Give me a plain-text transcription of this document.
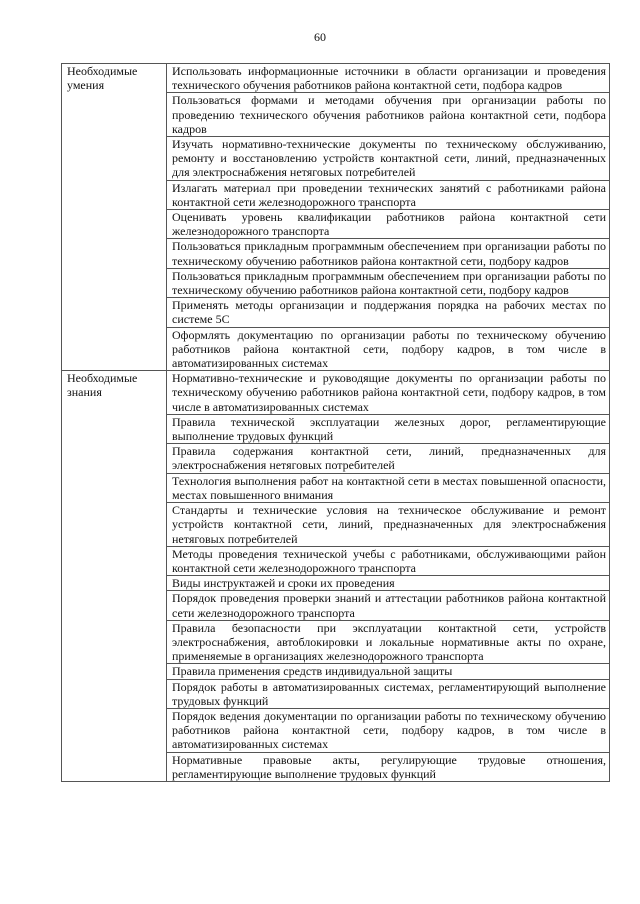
60
Необходимые умения	Использовать информационные источники в области организации и проведения технического обучения работников района контактной сети, подбора кадров
	Пользоваться формами и методами обучения при организации работы по проведению технического обучения работников района контактной сети, подбора кадров
	Изучать нормативно-технические документы по техническому обслуживанию, ремонту и восстановлению устройств контактной сети, линий, предназначенных для электроснабжения нетяговых потребителей
	Излагать материал при проведении технических занятий с работниками района контактной сети железнодорожного транспорта
	Оценивать уровень квалификации работников района контактной сети железнодорожного транспорта
	Пользоваться прикладным программным обеспечением при организации работы по техническому обучению работников района контактной сети, подбору кадров
	Пользоваться прикладным программным обеспечением при организации работы по техническому обучению работников района контактной сети, подбору кадров
	Применять методы организации и поддержания порядка на рабочих местах по системе 5С
	Оформлять документацию по организации работы по техническому обучению работников района контактной сети, подбору кадров, в том числе в автоматизированных системах
Необходимые знания	Нормативно-технические и руководящие документы по организации работы по техническому обучению работников района контактной сети, подбору кадров, в том числе в автоматизированных системах
	Правила технической эксплуатации железных дорог, регламентирующие выполнение трудовых функций
	Правила содержания контактной сети, линий, предназначенных для электроснабжения нетяговых потребителей
	Технология выполнения работ на контактной сети в местах повышенной опасности, местах повышенного внимания
	Стандарты и технические условия на техническое обслуживание и ремонт устройств контактной сети, линий, предназначенных для электроснабжения нетяговых потребителей
	Методы проведения технической учебы с работниками, обслуживающими район контактной сети железнодорожного транспорта
	Виды инструктажей и сроки их проведения
	Порядок проведения проверки знаний и аттестации работников района контактной сети железнодорожного транспорта
	Правила безопасности при эксплуатации контактной сети, устройств электроснабжения, автоблокировки и локальные нормативные акты по охране, применяемые в организациях железнодорожного транспорта
	Правила применения средств индивидуальной защиты
	Порядок работы в автоматизированных системах, регламентирующий выполнение трудовых функций
	Порядок ведения документации по организации работы по техническому обучению работников района контактной сети, подбору кадров, в том числе в автоматизированных системах
	Нормативные правовые акты, регулирующие трудовые отношения, регламентирующие выполнение трудовых функций
